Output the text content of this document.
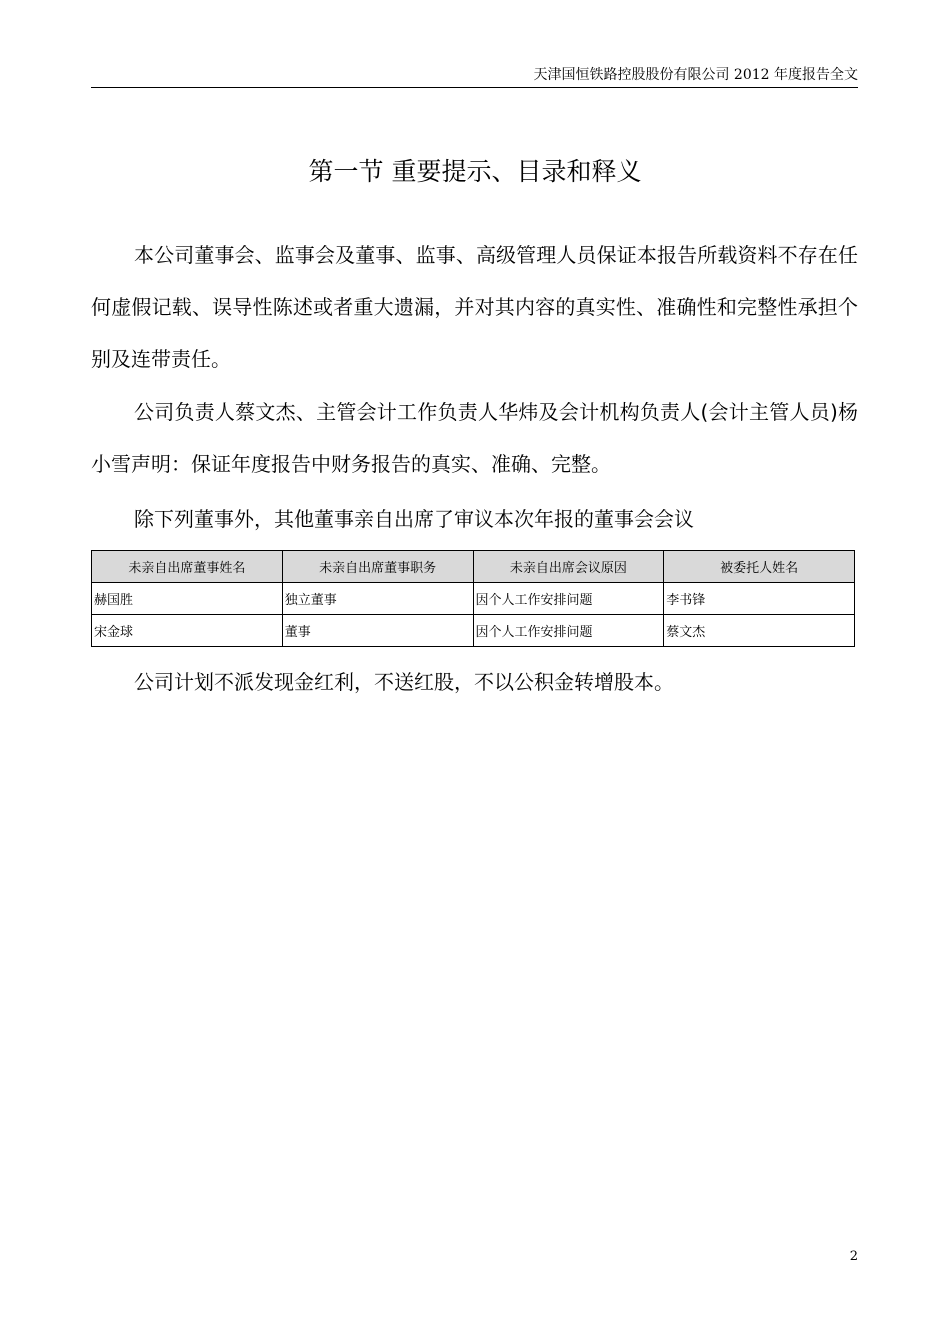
天津国恒铁路控股股份有限公司 2012 年度报告全文
第一节 重要提示、目录和释义
本公司董事会、监事会及董事、监事、高级管理人员保证本报告所载资料不存在任何虚假记载、误导性陈述或者重大遗漏，并对其内容的真实性、准确性和完整性承担个别及连带责任。
公司负责人蔡文杰、主管会计工作负责人华炜及会计机构负责人(会计主管人员)杨小雪声明：保证年度报告中财务报告的真实、准确、完整。
除下列董事外，其他董事亲自出席了审议本次年报的董事会会议
未亲自出席董事姓名	未亲自出席董事职务	未亲自出席会议原因	被委托人姓名
赫国胜	独立董事	因个人工作安排问题	李书锋
宋金球	董事	因个人工作安排问题	蔡文杰
公司计划不派发现金红利，不送红股，不以公积金转增股本。
2
